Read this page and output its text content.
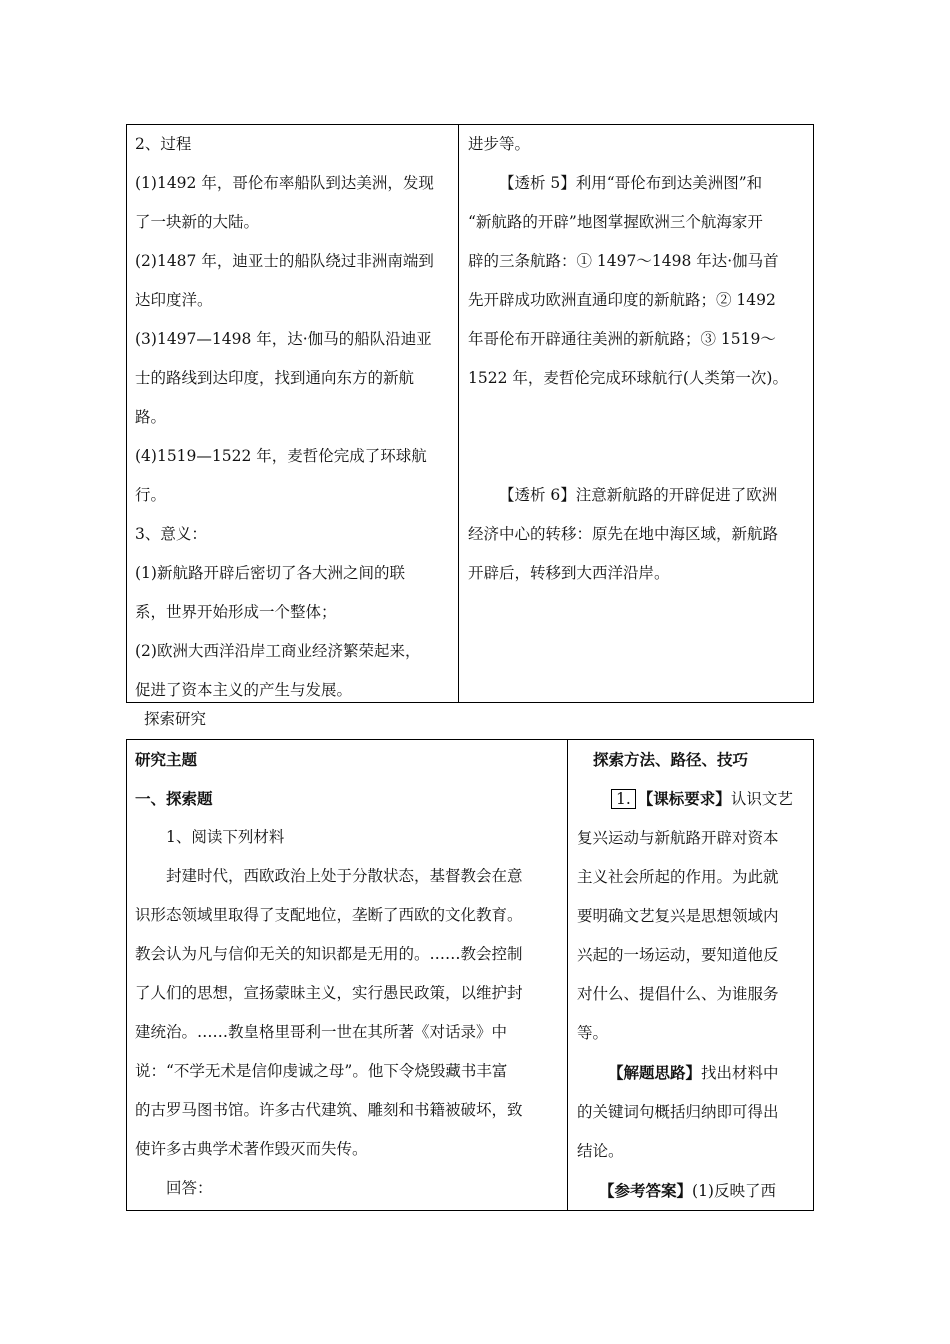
2、过程

(1)1492 年，哥伦布率船队到达美洲，发现

了一块新的大陆。

(2)1487 年，迪亚士的船队绕过非洲南端到

达印度洋。

(3)1497—1498 年，达·伽马的船队沿迪亚

士的路线到达印度，找到通向东方的新航

路。

(4)1519—1522 年，麦哲伦完成了环球航

行。

3、意义：

(1)新航路开辟后密切了各大洲之间的联

系，世界开始形成一个整体；

(2)欧洲大西洋沿岸工商业经济繁荣起来，

促进了资本主义的产生与发展。

进步等。

【透析 5】利用“哥伦布到达美洲图”和

“新航路的开辟”地图掌握欧洲三个航海家开

辟的三条航路：① 1497～1498 年达·伽马首

先开辟成功欧洲直通印度的新航路；② 1492

年哥伦布开辟通往美洲的新航路；③ 1519～

1522 年，麦哲伦完成环球航行(人类第一次)。

【透析 6】注意新航路的开辟促进了欧洲

经济中心的转移：原先在地中海区域，新航路

开辟后，转移到大西洋沿岸。

探索研究

研究主题

一、探索题

1、阅读下列材料

封建时代，西欧政治上处于分散状态，基督教会在意

识形态领域里取得了支配地位，垄断了西欧的文化教育。

教会认为凡与信仰无关的知识都是无用的。……教会控制

了人们的思想，宣扬蒙昧主义，实行愚民政策，以维护封

建统治。……教皇格里哥利一世在其所著《对话录》中

说：“不学无术是信仰虔诚之母”。他下令烧毁藏书丰富

的古罗马图书馆。许多古代建筑、雕刻和书籍被破坏，致

使许多古典学术著作毁灭而失传。

回答：

探索方法、路径、技巧

1. 【课标要求】认识文艺

复兴运动与新航路开辟对资本

主义社会所起的作用。为此就

要明确文艺复兴是思想领域内

兴起的一场运动，要知道他反

对什么、提倡什么、为谁服务

等。

【解题思路】找出材料中

的关键词句概括归纳即可得出

结论。

【参考答案】(1)反映了西
